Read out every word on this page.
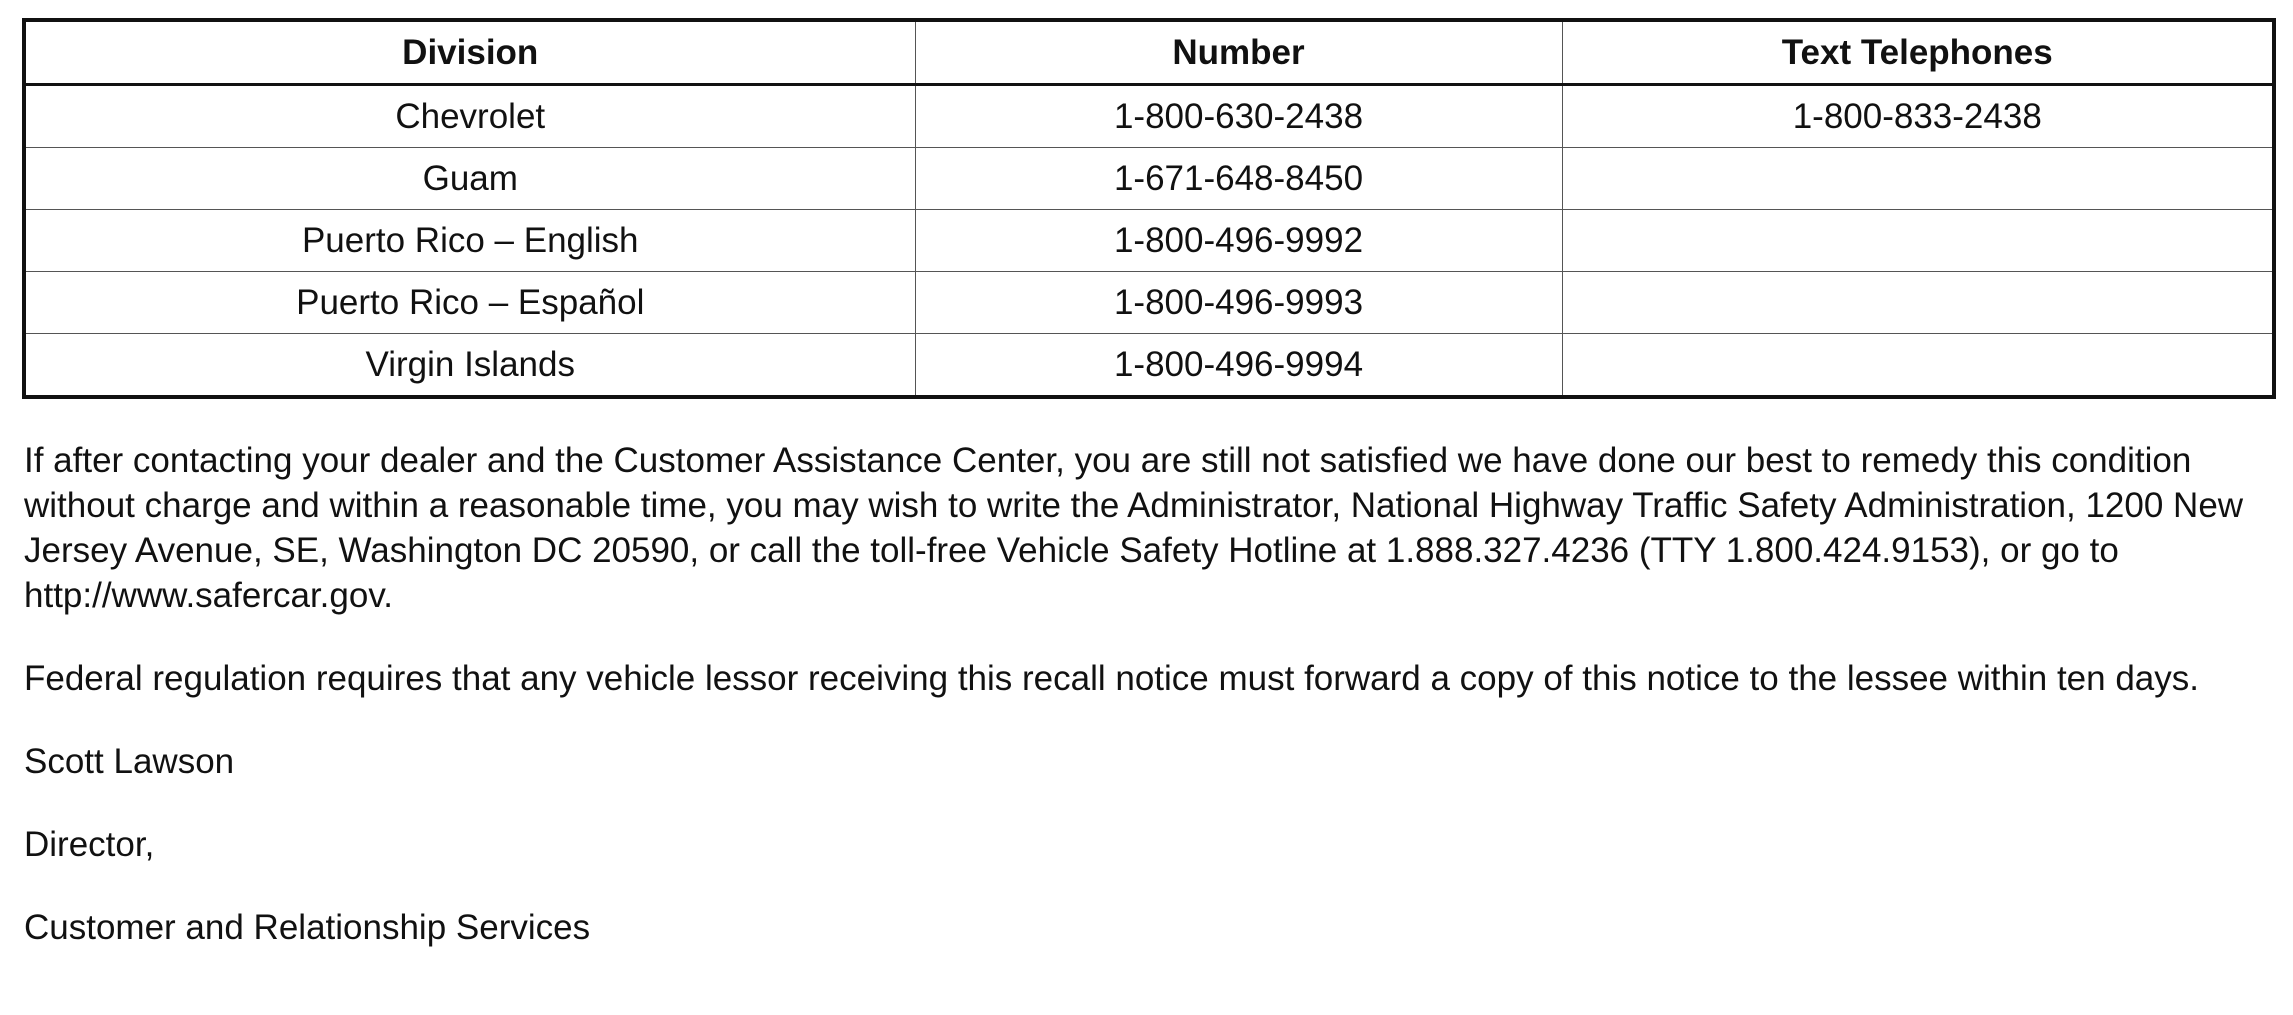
Division	Number	Text Telephones
Chevrolet	1-800-630-2438	1-800-833-2438
Guam	1-671-648-8450	
Puerto Rico – English	1-800-496-9992	
Puerto Rico – Español	1-800-496-9993	
Virgin Islands	1-800-496-9994	

If after contacting your dealer and the Customer Assistance Center, you are still not satisfied we have done our best to remedy this condition without charge and within a reasonable time, you may wish to write the Administrator, National Highway Traffic Safety Administration, 1200 New Jersey Avenue, SE, Washington DC 20590, or call the toll-free Vehicle Safety Hotline at 1.888.327.4236 (TTY 1.800.424.9153), or go to http://www.safercar.gov.

Federal regulation requires that any vehicle lessor receiving this recall notice must forward a copy of this notice to the lessee within ten days.

Scott Lawson

Director,

Customer and Relationship Services
